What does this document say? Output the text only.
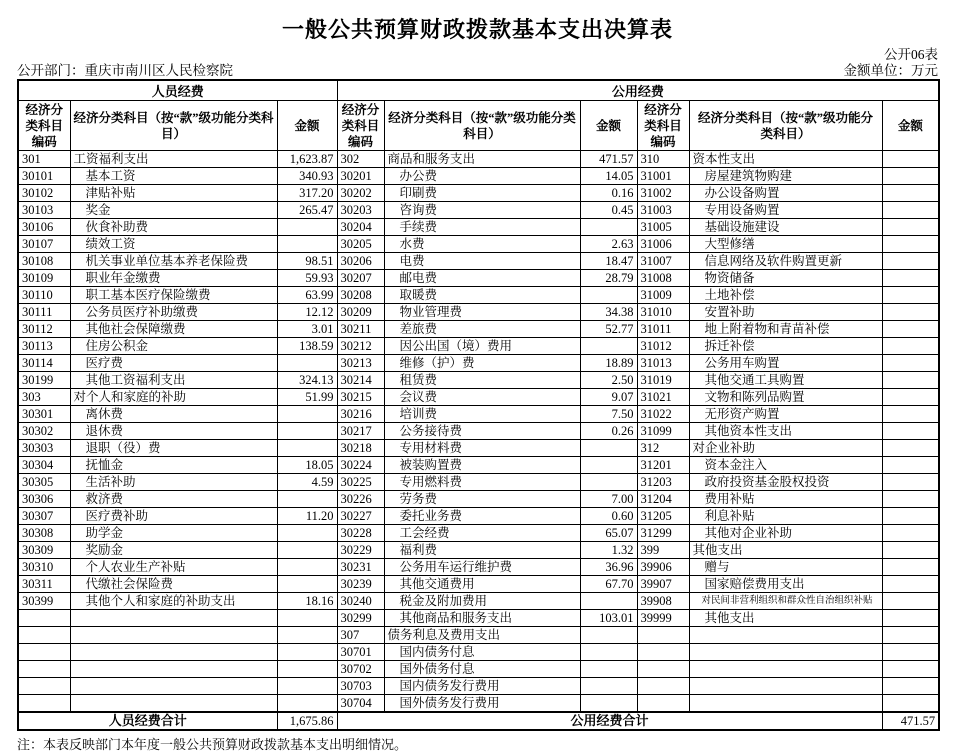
一般公共预算财政拨款基本支出决算表
公开06表
公开部门：重庆市南川区人民检察院	金额单位：万元
人员经费			公用经费					
经济分类科目编码	经济分类科目（按“款”级功能分类科目）	金额	经济分类科目编码	经济分类科目（按“款”级功能分类科目）	金额	经济分类科目编码	经济分类科目（按“款”级功能分类科目）	金额
301	工资福利支出	1,623.87	302	商品和服务支出	471.57	310	资本性支出	
30101	基本工资	340.93	30201	办公费	14.05	31001	房屋建筑物购建	
30102	津贴补贴	317.20	30202	印刷费	0.16	31002	办公设备购置	
30103	奖金	265.47	30203	咨询费	0.45	31003	专用设备购置	
30106	伙食补助费		30204	手续费		31005	基础设施建设	
30107	绩效工资		30205	水费	2.63	31006	大型修缮	
30108	机关事业单位基本养老保险费	98.51	30206	电费	18.47	31007	信息网络及软件购置更新	
30109	职业年金缴费	59.93	30207	邮电费	28.79	31008	物资储备	
30110	职工基本医疗保险缴费	63.99	30208	取暖费		31009	土地补偿	
30111	公务员医疗补助缴费	12.12	30209	物业管理费	34.38	31010	安置补助	
30112	其他社会保障缴费	3.01	30211	差旅费	52.77	31011	地上附着物和青苗补偿	
30113	住房公积金	138.59	30212	因公出国（境）费用		31012	拆迁补偿	
30114	医疗费		30213	维修（护）费	18.89	31013	公务用车购置	
30199	其他工资福利支出	324.13	30214	租赁费	2.50	31019	其他交通工具购置	
303	对个人和家庭的补助	51.99	30215	会议费	9.07	31021	文物和陈列品购置	
30301	离休费		30216	培训费	7.50	31022	无形资产购置	
30302	退休费		30217	公务接待费	0.26	31099	其他资本性支出	
30303	退职（役）费		30218	专用材料费		312	对企业补助	
30304	抚恤金	18.05	30224	被装购置费		31201	资本金注入	
30305	生活补助	4.59	30225	专用燃料费		31203	政府投资基金股权投资	
30306	救济费		30226	劳务费	7.00	31204	费用补贴	
30307	医疗费补助	11.20	30227	委托业务费	0.60	31205	利息补贴	
30308	助学金		30228	工会经费	65.07	31299	其他对企业补助	
30309	奖励金		30229	福利费	1.32	399	其他支出	
30310	个人农业生产补贴		30231	公务用车运行维护费	36.96	39906	赠与	
30311	代缴社会保险费		30239	其他交通费用	67.70	39907	国家赔偿费用支出	
30399	其他个人和家庭的补助支出	18.16	30240	税金及附加费用		39908	对民间非营利组织和群众性自治组织补贴	
			30299	其他商品和服务支出	103.01	39999	其他支出	
			307	债务利息及费用支出				
			30701	国内债务付息				
			30702	国外债务付息				
			30703	国内债务发行费用				
			30704	国外债务发行费用				
人员经费合计		1,675.86	公用经费合计					471.57
注：本表反映部门本年度一般公共预算财政拨款基本支出明细情况。
